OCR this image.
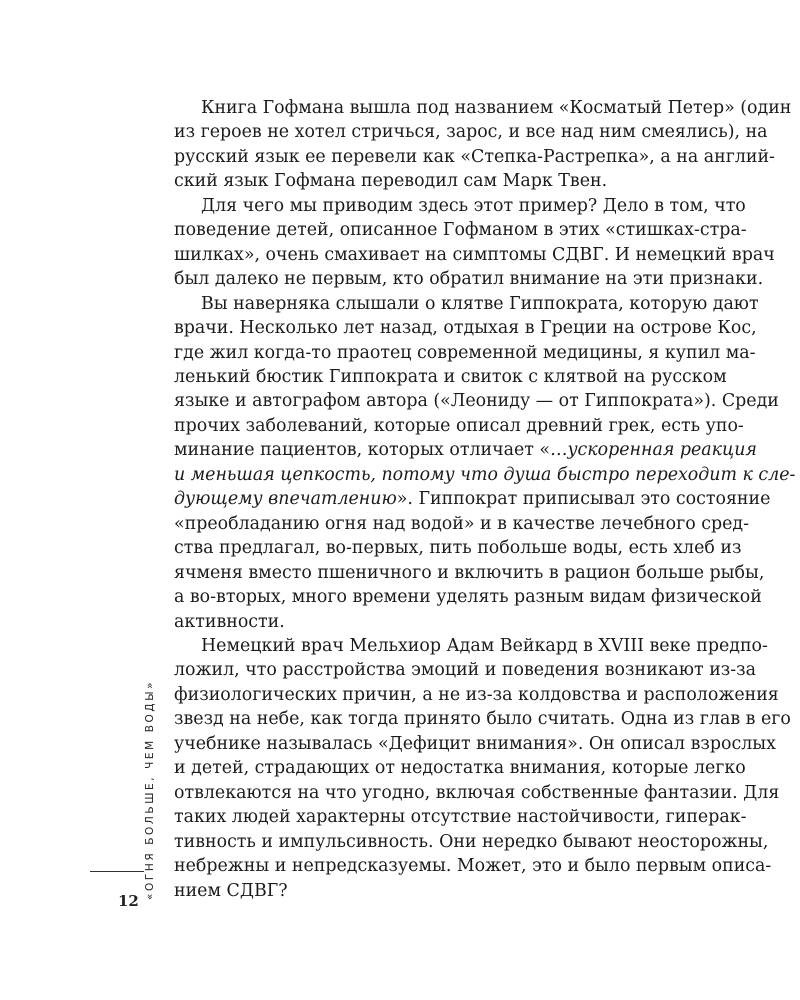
Книга Гофмана вышла под названием «Косматый Петер» (один
из героев не хотел стричься, зарос, и все над ним смеялись), на
русский язык ее перевели как «Степка-Растрепка», а на англий-
ский язык Гофмана переводил сам Марк Твен.

Для чего мы приводим здесь этот пример? Дело в том, что
поведение детей, описанное Гофманом в этих «стишках-стра-
шилках», очень смахивает на симптомы СДВГ. И немецкий врач
был далеко не первым, кто обратил внимание на эти признаки.

Вы наверняка слышали о клятве Гиппократа, которую дают
врачи. Несколько лет назад, отдыхая в Греции на острове Кос,
где жил когда-то праотец современной медицины, я купил ма-
ленький бюстик Гиппократа и свиток с клятвой на русском
языке и автографом автора («Леониду — от Гиппократа»). Среди
прочих заболеваний, которые описал древний грек, есть упо-
минание пациентов, которых отличает «…ускоренная реакция
и меньшая цепкость, потому что душа быстро переходит к сле-
дующему впечатлению». Гиппократ приписывал это состояние
«преобладанию огня над водой» и в качестве лечебного сред-
ства предлагал, во-первых, пить побольше воды, есть хлеб из
ячменя вместо пшеничного и включить в рацион больше рыбы,
а во-вторых, много времени уделять разным видам физической
активности.

Немецкий врач Мельхиор Адам Вейкард в XVIII веке предпо-
ложил, что расстройства эмоций и поведения возникают из-за
физиологических причин, а не из-за колдовства и расположения
звезд на небе, как тогда принято было считать. Одна из глав в его
учебнике называлась «Дефицит внимания». Он описал взрослых
и детей, страдающих от недостатка внимания, которые легко
отвлекаются на что угодно, включая собственные фантазии. Для
таких людей характерны отсутствие настойчивости, гиперак-
тивность и импульсивность. Они нередко бывают неосторожны,
небрежны и непредсказуемы. Может, это и было первым описа-
нием СДВГ?

«ОГНЯ БОЛЬШЕ, ЧЕМ ВОДЫ»
12
